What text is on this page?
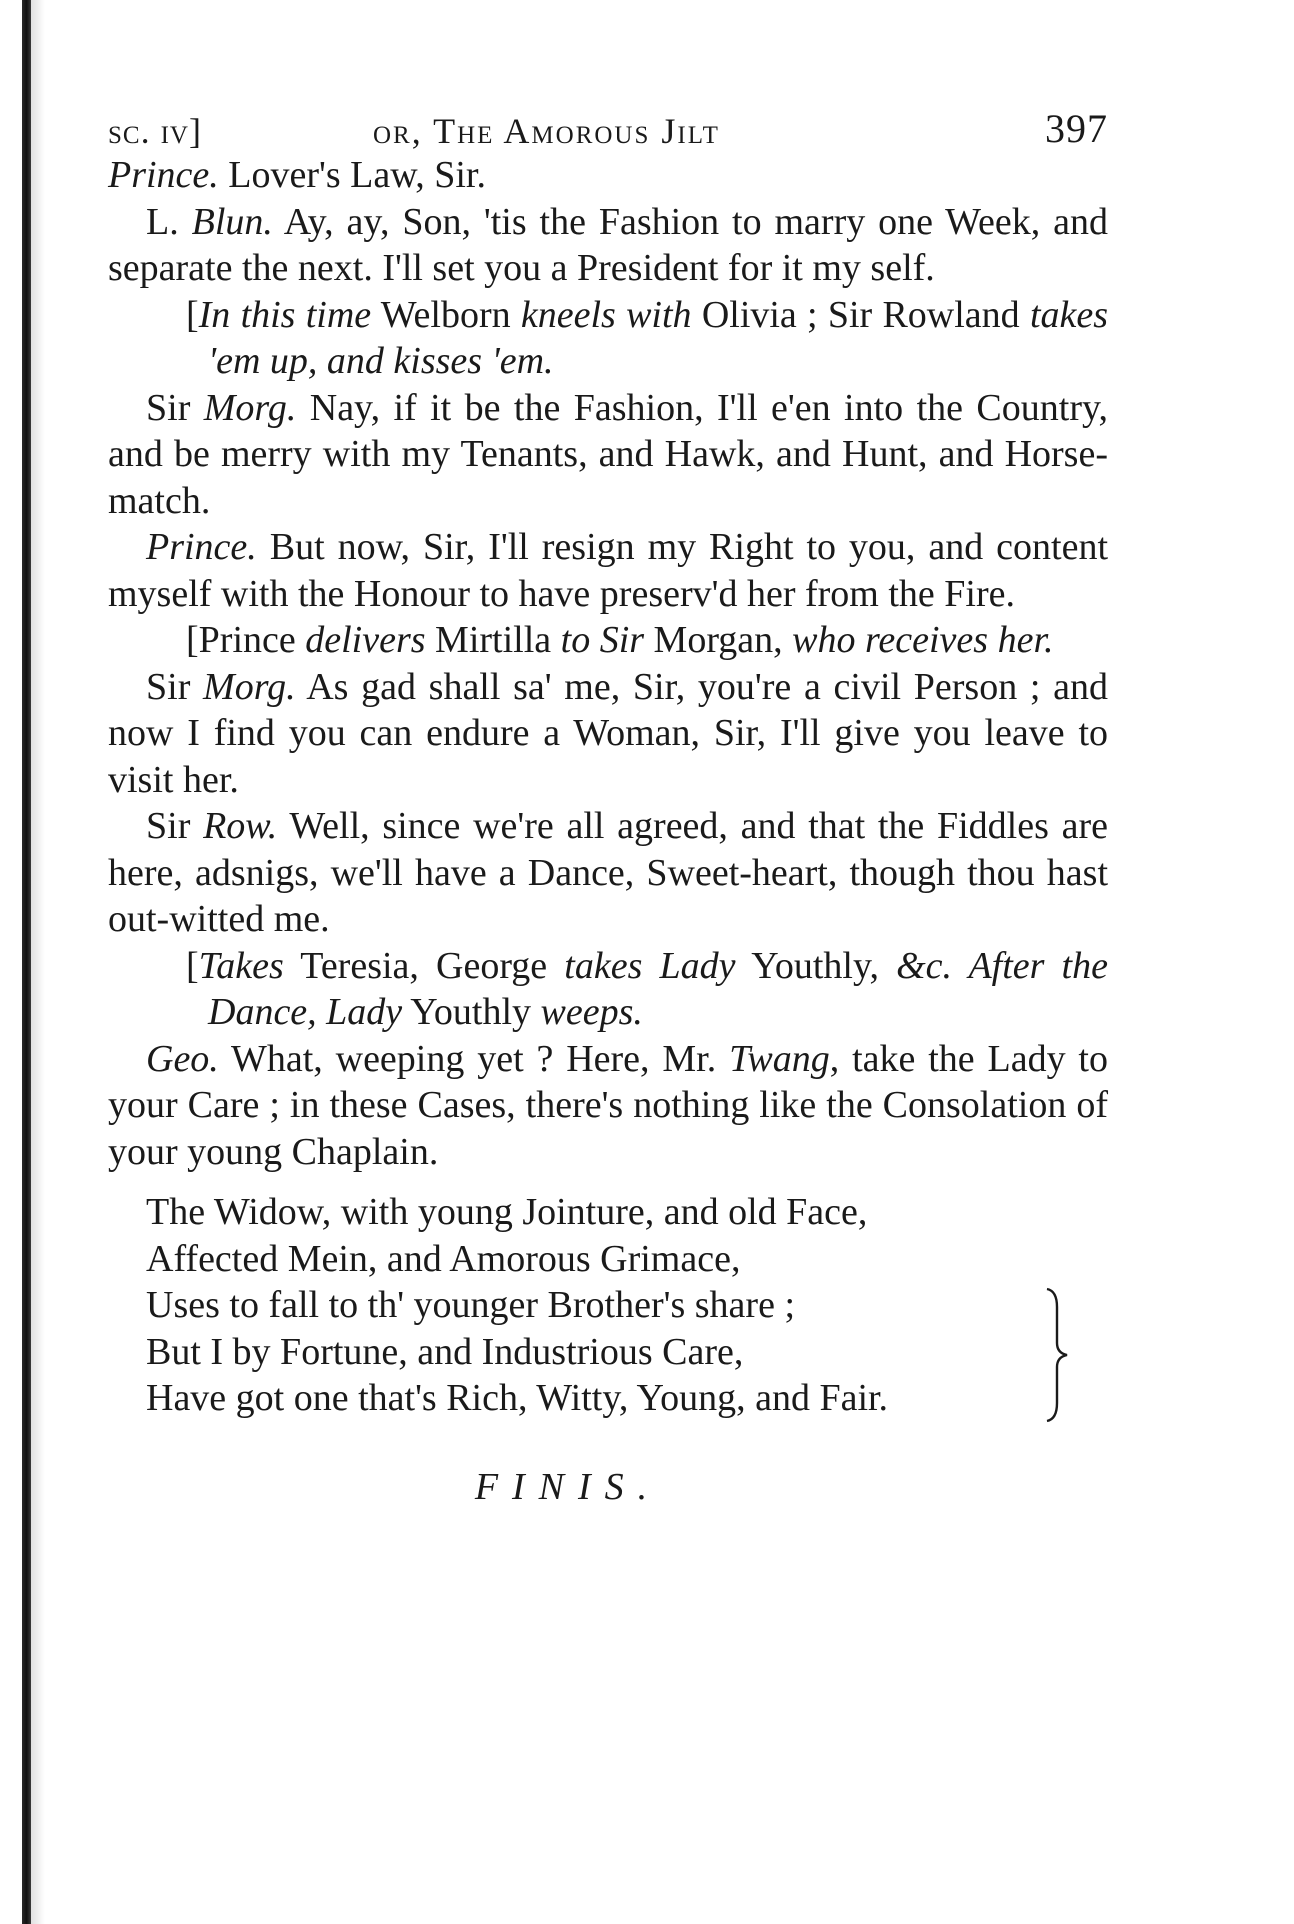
sc. iv]	or, The Amorous Jilt	397

Prince. Lover's Law, Sir.

L. Blun. Ay, ay, Son, 'tis the Fashion to marry one Week, and separate the next. I'll set you a President for it my self.

[In this time Welborn kneels with Olivia ; Sir Rowland takes 'em up, and kisses 'em.

Sir Morg. Nay, if it be the Fashion, I'll e'en into the Country, and be merry with my Tenants, and Hawk, and Hunt, and Horse-match.

Prince. But now, Sir, I'll resign my Right to you, and content myself with the Honour to have preserv'd her from the Fire.

[Prince delivers Mirtilla to Sir Morgan, who receives her.

Sir Morg. As gad shall sa' me, Sir, you're a civil Person ; and now I find you can endure a Woman, Sir, I'll give you leave to visit her.

Sir Row. Well, since we're all agreed, and that the Fiddles are here, adsnigs, we'll have a Dance, Sweet-heart, though thou hast out-witted me.

[Takes Teresia, George takes Lady Youthly, &c. After the Dance, Lady Youthly weeps.

Geo. What, weeping yet ? Here, Mr. Twang, take the Lady to your Care ; in these Cases, there's nothing like the Consolation of your young Chaplain.

The Widow, with young Jointure, and old Face,
Affected Mein, and Amorous Grimace,
Uses to fall to th' younger Brother's share ;
But I by Fortune, and Industrious Care,
Have got one that's Rich, Witty, Young, and Fair.
FINIS.
